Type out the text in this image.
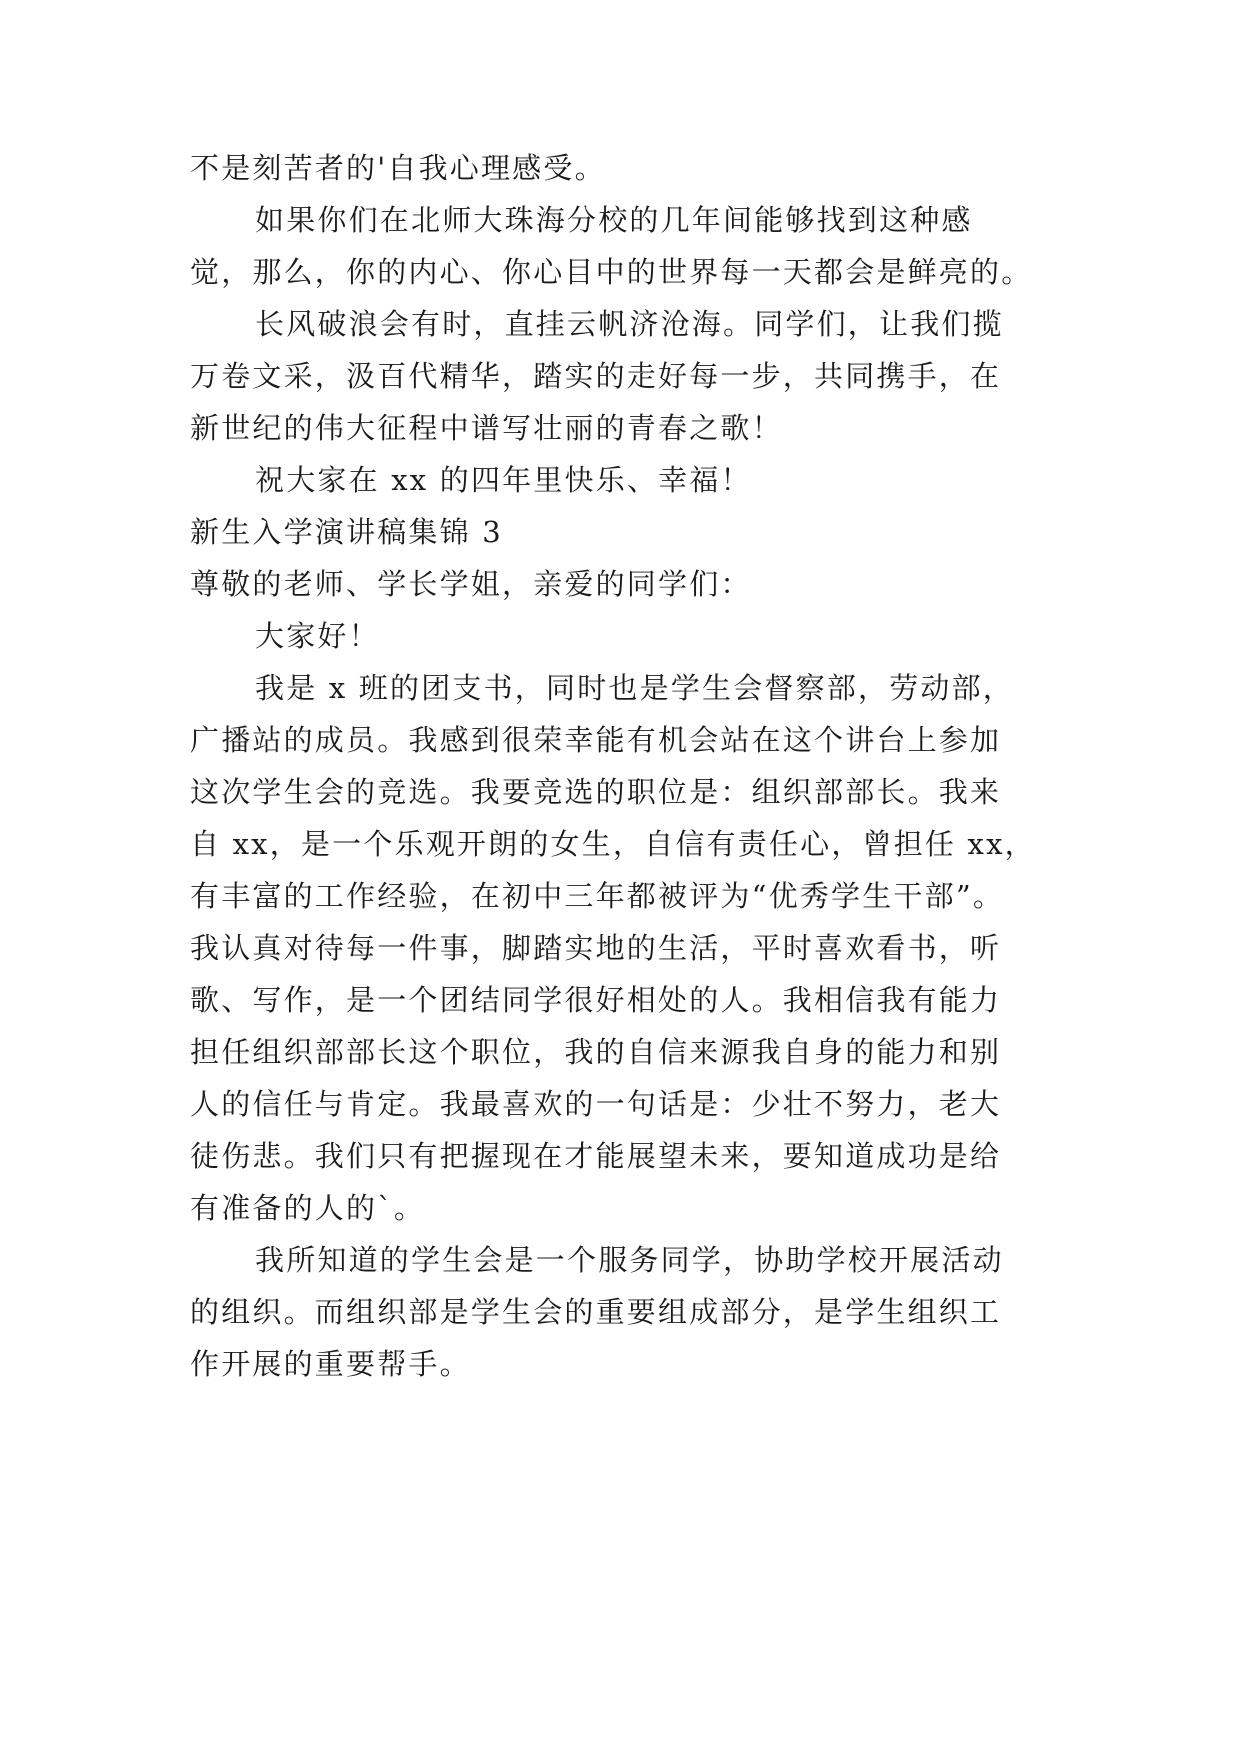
不是刻苦者的'自我心理感受。
如果你们在北师大珠海分校的几年间能够找到这种感
觉，那么，你的内心、你心目中的世界每一天都会是鲜亮的。
长风破浪会有时，直挂云帆济沧海。同学们，让我们揽
万卷文采，汲百代精华，踏实的走好每一步，共同携手，在
新世纪的伟大征程中谱写壮丽的青春之歌！
祝大家在 xx 的四年里快乐、幸福！
新生入学演讲稿集锦 3
尊敬的老师、学长学姐，亲爱的同学们：
大家好！
我是 x 班的团支书，同时也是学生会督察部，劳动部，
广播站的成员。我感到很荣幸能有机会站在这个讲台上参加
这次学生会的竞选。我要竞选的职位是：组织部部长。我来
自 xx，是一个乐观开朗的女生，自信有责任心，曾担任 xx，
有丰富的工作经验，在初中三年都被评为“优秀学生干部”。
我认真对待每一件事，脚踏实地的生活，平时喜欢看书，听
歌、写作，是一个团结同学很好相处的人。我相信我有能力
担任组织部部长这个职位，我的自信来源我自身的能力和别
人的信任与肯定。我最喜欢的一句话是：少壮不努力，老大
徒伤悲。我们只有把握现在才能展望未来，要知道成功是给
有准备的人的`。
我所知道的学生会是一个服务同学，协助学校开展活动
的组织。而组织部是学生会的重要组成部分，是学生组织工
作开展的重要帮手。
